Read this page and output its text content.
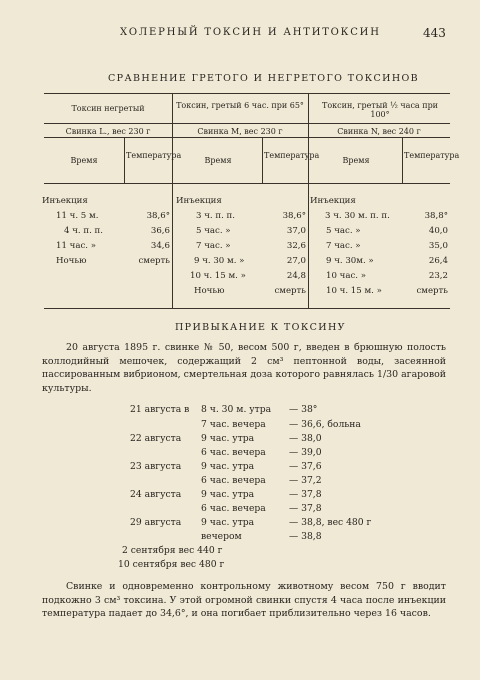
ХОЛЕРНЫЙ ТОКСИН И АНТИТОКСИН	443
СРАВНЕНИЕ ГРЕТОГО И НЕГРЕТОГО ТОКСИНОВ
Токсин негретый
Свинка L., вес 230 г
Время
Температура
Инъекция
11 ч. 5 м.	38,6°
4 ч. п. п.	36,6
11 час. »	34,6
Ночью	смерть
Токсин, гретый 6 час. при 65°
Свинка М, вес 230 г
Время
Температура
Инъекция
3 ч. п. п.	38,6°
5 час. »	37,0
7 час. »	32,6
9 ч. 30 м. »	27,0
10 ч. 15 м. »	24,8
Ночью	смерть
Токсин, гретый ½ часа при 100°
Свинка N, вес 240 г
Время
Температура
Инъекция
3 ч. 30 м. п. п.	38,8°
5 час. »	40,0
7 час. »	35,0
9 ч. 30м. »	26,4
10 час. »	23,2
10 ч. 15 м. »	смерть
ПРИВЫКАНИЕ К ТОКСИНУ

20 августа 1895 г. свинке № 50, весом 500 г, введен в брюшную полость коллодийный мешочек, содержащий 2 см³ пептонной воды, засеянной пассированным вибрионом, смертельная доза которого равнялась 1/30 агаровой культуры.

21 августа в 8 ч. 30 м. утра — 38°
7 час. вечера	— 36,6, больна
22 августа 9 час. утра	— 38,0
6 час. вечера	— 39,0
23 августа 9 час. утра	— 37,6
6 час. вечера	— 37,2
24 августа 9 час. утра	— 37,8
6 час. вечера	— 37,8
29 августа 9 час. утра	— 38,8, вес 480 г
вечером	— 38,8
2 сентября вес 440 г
10 сентября вес 480 г

Свинке и одновременно контрольному животному весом 750 г вводит подкожно 3 см³ токсина. У этой огромной свинки спустя 4 часа после инъекции температура падает до 34,6°, и она погибает приблизительно через 16 часов.
